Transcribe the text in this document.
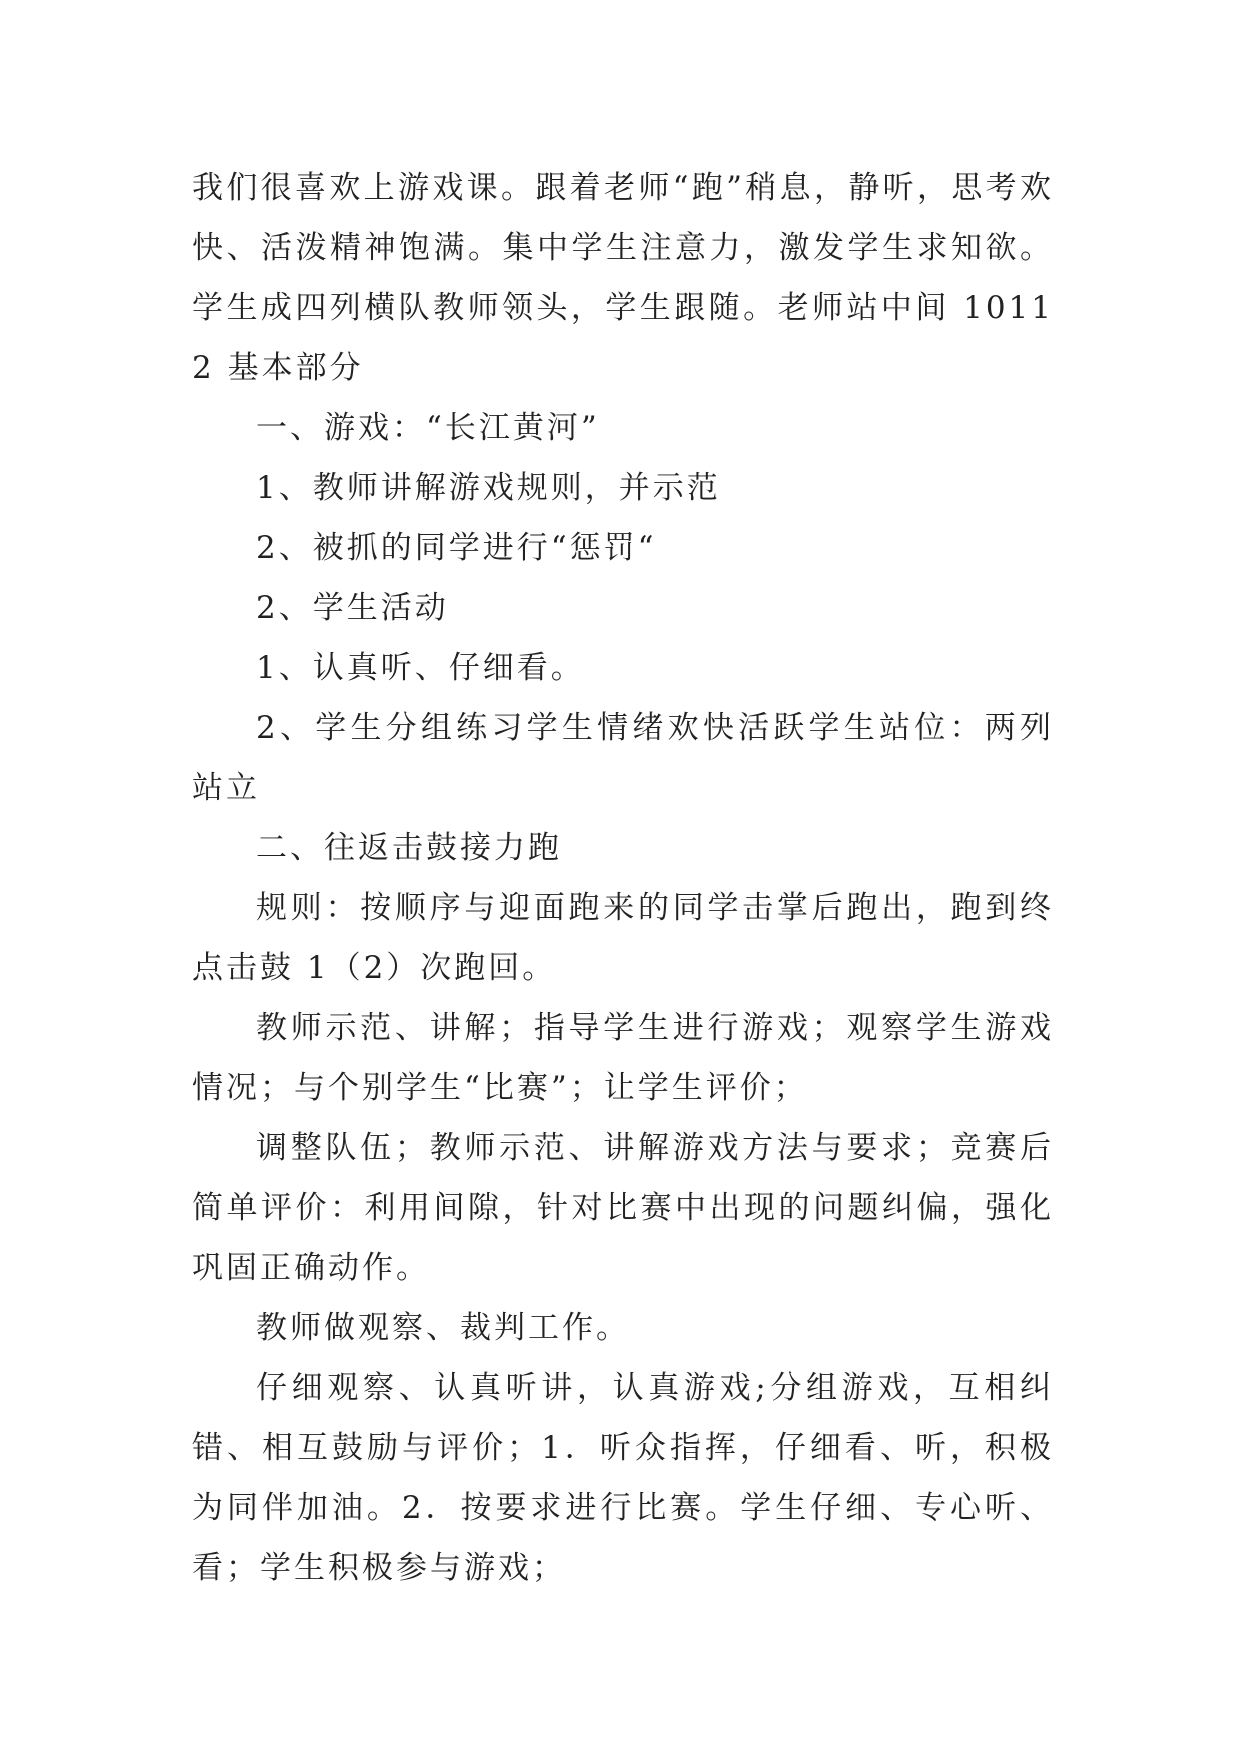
我们很喜欢上游戏课。跟着老师“跑”稍息，静听，思考欢快、活泼精神饱满。集中学生注意力，激发学生求知欲。学生成四列横队教师领头，学生跟随。老师站中间 10112 基本部分

一、游戏：“长江黄河”

1、教师讲解游戏规则，并示范

2、被抓的同学进行“惩罚“

2、学生活动

1、认真听、仔细看。

2、学生分组练习学生情绪欢快活跃学生站位：两列站立

二、往返击鼓接力跑

规则：按顺序与迎面跑来的同学击掌后跑出，跑到终点击鼓 1（2）次跑回。

教师示范、讲解；指导学生进行游戏；观察学生游戏情况；与个别学生“比赛”；让学生评价；

调整队伍；教师示范、讲解游戏方法与要求；竞赛后简单评价：利用间隙，针对比赛中出现的问题纠偏，强化巩固正确动作。

教师做观察、裁判工作。

仔细观察、认真听讲，认真游戏;分组游戏，互相纠错、相互鼓励与评价；1．听众指挥，仔细看、听，积极为同伴加油。2．按要求进行比赛。学生仔细、专心听、看；学生积极参与游戏；
